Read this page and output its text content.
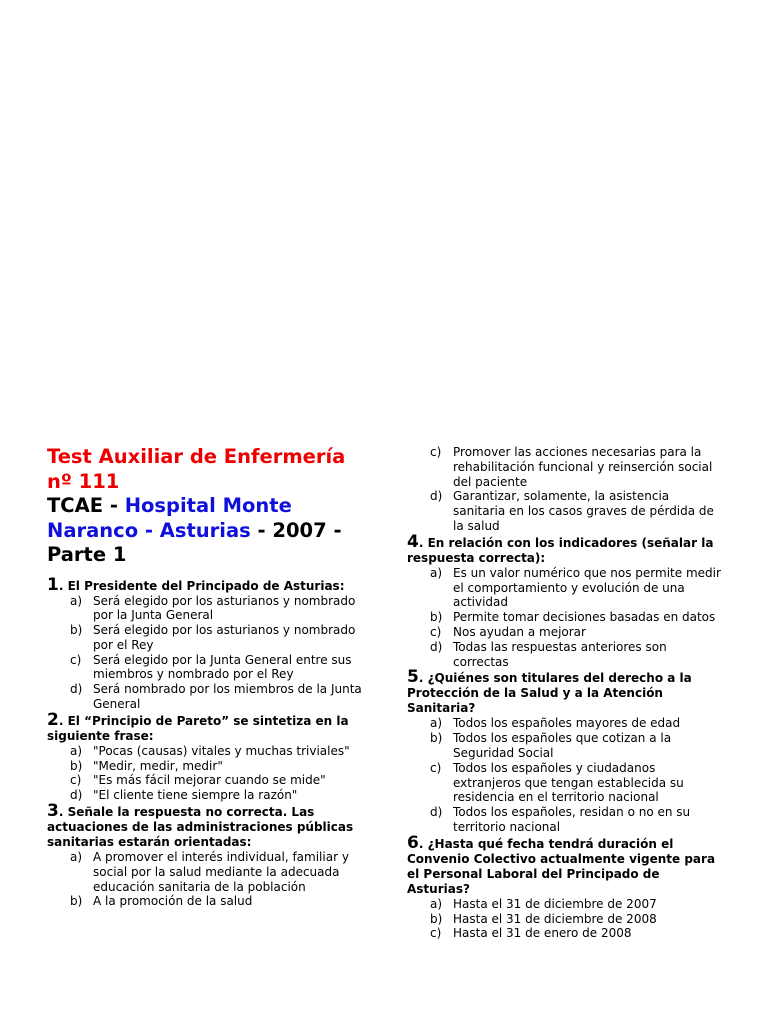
Test Auxiliar de Enfermería nº 111
TCAE - Hospital Monte Naranco - Asturias - 2007 - Parte 1

1. El Presidente del Principado de Asturias:

a) Será elegido por los asturianos y nombrado por la Junta General
b) Será elegido por los asturianos y nombrado por el Rey
c) Será elegido por la Junta General entre sus miembros y nombrado por el Rey
d) Será nombrado por los miembros de la Junta General

2. El “Principio de Pareto” se sintetiza en la siguiente frase:

a) "Pocas (causas) vitales y muchas triviales"
b) "Medir, medir, medir"
c) "Es más fácil mejorar cuando se mide"
d) "El cliente tiene siempre la razón"

3. Señale la respuesta no correcta. Las actuaciones de las administraciones públicas sanitarias estarán orientadas:

a) A promover el interés individual, familiar y social por la salud mediante la adecuada educación sanitaria de la población
b) A la promoción de la salud
c) Promover las acciones necesarias para la rehabilitación funcional y reinserción social del paciente
d) Garantizar, solamente, la asistencia sanitaria en los casos graves de pérdida de la salud

4. En relación con los indicadores (señalar la respuesta correcta):

a) Es un valor numérico que nos permite medir el comportamiento y evolución de una actividad
b) Permite tomar decisiones basadas en datos
c) Nos ayudan a mejorar
d) Todas las respuestas anteriores son correctas

5. ¿Quiénes son titulares del derecho a la Protección de la Salud y a la Atención Sanitaria?

a) Todos los españoles mayores de edad
b) Todos los españoles que cotizan a la Seguridad Social
c) Todos los españoles y ciudadanos extranjeros que tengan establecida su residencia en el territorio nacional
d) Todos los españoles, residan o no en su territorio nacional

6. ¿Hasta qué fecha tendrá duración el Convenio Colectivo actualmente vigente para el Personal Laboral del Principado de Asturias?

a) Hasta el 31 de diciembre de 2007
b) Hasta el 31 de diciembre de 2008
c) Hasta el 31 de enero de 2008
